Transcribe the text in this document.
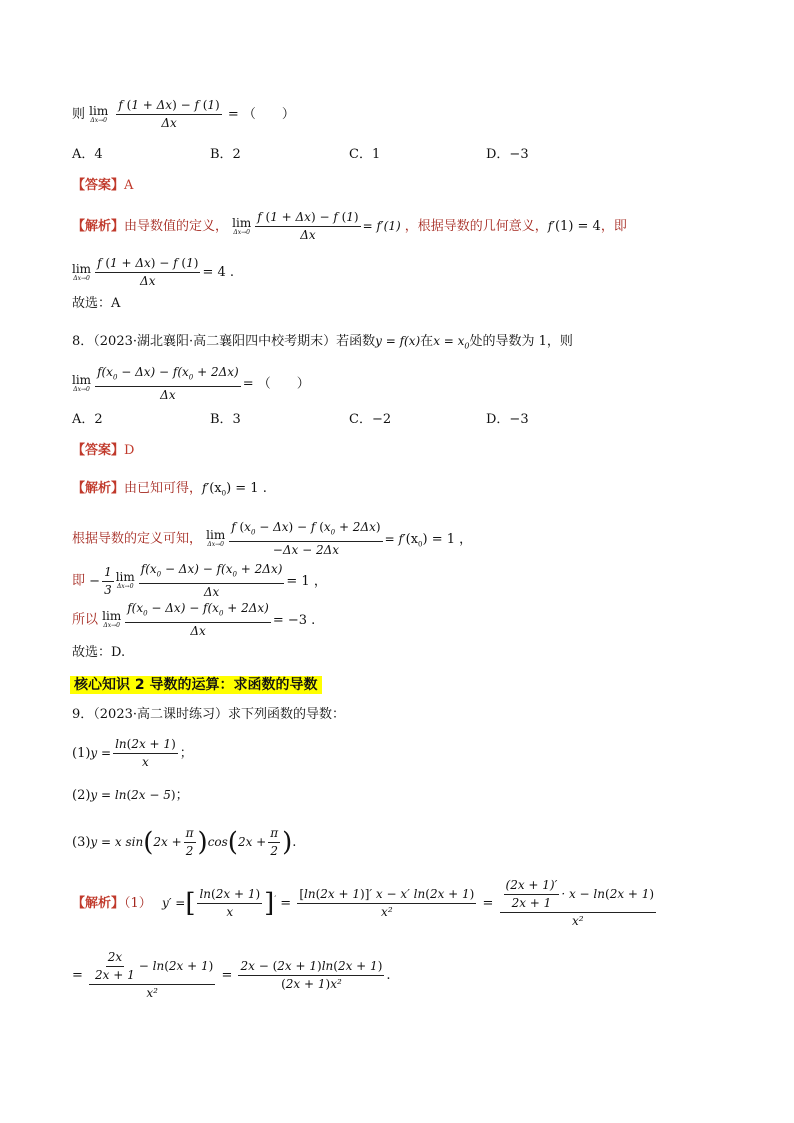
则 lim
Δx→0
$\frac{f (1 + \Delta x) - f (1)}{\Delta x}$ = （　　）
A．4	B．2	C．1	D．−3
【答案】A
【解析】由导数值的定义， lim
$\Delta x\to 0 \frac{f (1 + \Delta x) - f (1)}{\Delta x} = f'(1)$ ，根据导数的几何意义，f′(1) = 4，即
lim
$\Delta x\to 0 \frac{f (1 + \Delta x) - f (1)}{\Delta x} = 4$ .
故选：A
8．（2023·湖北襄阳·高二襄阳四中校考期末）若函数y = f(x)在$x = x_0$处的导数为 1，则
lim
$\Delta x\to 0 \frac{f(x_0 - \Delta x) - f(x_0 + 2\Delta x)}{\Delta x}$ = （　　）
A．2	B．3	C．−2	D．−3
【答案】D
【解析】由已知可得，$f'(x_0) = 1$ .
根据导数的定义可知， lim
$\Delta x\to 0 \frac{f (x_0 - \Delta x) - f (x_0 + 2\Delta x)}{-\Delta x - 2\Delta x} = f'(x_0) = 1$ ，
即 − $\frac{1}{3}$ lim
$\Delta x\to 0 \frac{f(x_0 - \Delta x) - f(x_0 + 2\Delta x)}{\Delta x} = 1$ ，
所以 lim
$\Delta x\to 0 \frac{f(x_0 - \Delta x) - f(x_0 + 2\Delta x)}{\Delta x} = -3$ .
故选：D.
核心知识 2 导数的运算：求函数的导数
9．（2023·高二课时练习）求下列函数的导数：
$(1)y = \frac{\ln(2x + 1)}{x}$ ；
(2)y = ln(2x − 5)；
(3)y = x $\sin(2x + \frac{\pi}{2} )\cos(2x + \frac{\pi}{2}$ ).
【解析】（1） y′ =[ $\frac{\ln(2x + 1)}{x} ]' = \frac{[\ln(2x + 1)]' x - x' \ln(2x + 1)}{\text{x²}} = \frac{\frac{(2x + 1)'}{2x + 1} \cdot x - \ln(2x + 1)}{\text{x²}}$
= $\frac{\frac{2x}{2x + 1} - \ln(2x + 1)}{\text{x²}} = \frac{2x - (2x + 1)\ln(2x + 1)}{\text{(2x + 1)x²}}$ .
